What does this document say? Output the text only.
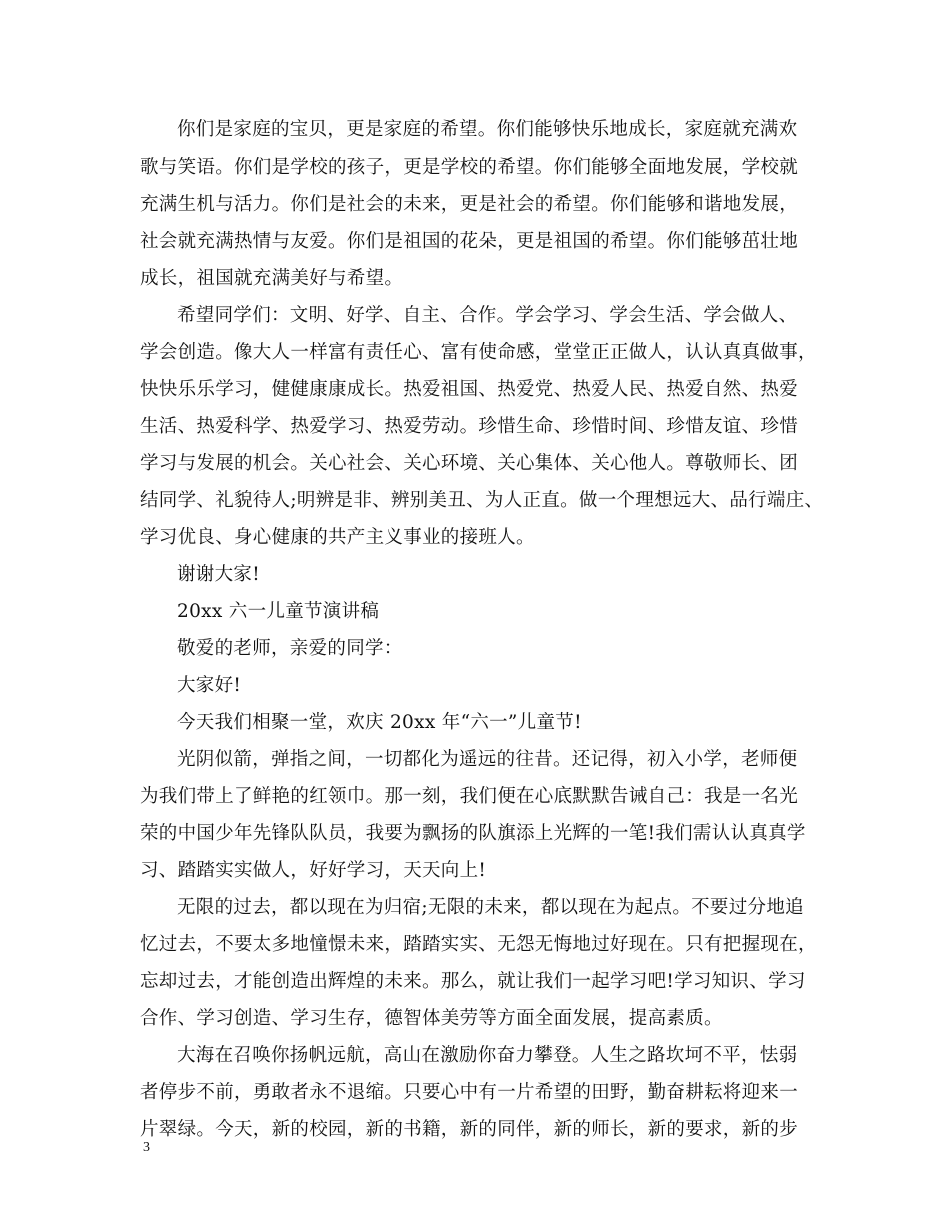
你们是家庭的宝贝，更是家庭的希望。你们能够快乐地成长，家庭就充满欢
歌与笑语。你们是学校的孩子，更是学校的希望。你们能够全面地发展，学校就
充满生机与活力。你们是社会的未来，更是社会的希望。你们能够和谐地发展，
社会就充满热情与友爱。你们是祖国的花朵，更是祖国的希望。你们能够茁壮地
成长，祖国就充满美好与希望。
希望同学们：文明、好学、自主、合作。学会学习、学会生活、学会做人、
学会创造。像大人一样富有责任心、富有使命感，堂堂正正做人，认认真真做事，
快快乐乐学习，健健康康成长。热爱祖国、热爱党、热爱人民、热爱自然、热爱
生活、热爱科学、热爱学习、热爱劳动。珍惜生命、珍惜时间、珍惜友谊、珍惜
学习与发展的机会。关心社会、关心环境、关心集体、关心他人。尊敬师长、团
结同学、礼貌待人;明辨是非、辨别美丑、为人正直。做一个理想远大、品行端庄、
学习优良、身心健康的共产主义事业的接班人。
谢谢大家!
20xx 六一儿童节演讲稿
敬爱的老师，亲爱的同学：
大家好!
今天我们相聚一堂，欢庆 20xx 年“六一”儿童节!
光阴似箭，弹指之间，一切都化为遥远的往昔。还记得，初入小学，老师便
为我们带上了鲜艳的红领巾。那一刻，我们便在心底默默告诫自己：我是一名光
荣的中国少年先锋队队员，我要为飘扬的队旗添上光辉的一笔!我们需认认真真学
习、踏踏实实做人，好好学习，天天向上!
无限的过去，都以现在为归宿;无限的未来，都以现在为起点。不要过分地追
忆过去，不要太多地憧憬未来，踏踏实实、无怨无悔地过好现在。只有把握现在，
忘却过去，才能创造出辉煌的未来。那么，就让我们一起学习吧!学习知识、学习
合作、学习创造、学习生存，德智体美劳等方面全面发展，提高素质。
大海在召唤你扬帆远航，高山在激励你奋力攀登。人生之路坎坷不平，怯弱
者停步不前，勇敢者永不退缩。只要心中有一片希望的田野，勤奋耕耘将迎来一
片翠绿。今天，新的校园，新的书籍，新的同伴，新的师长，新的要求，新的步
3
